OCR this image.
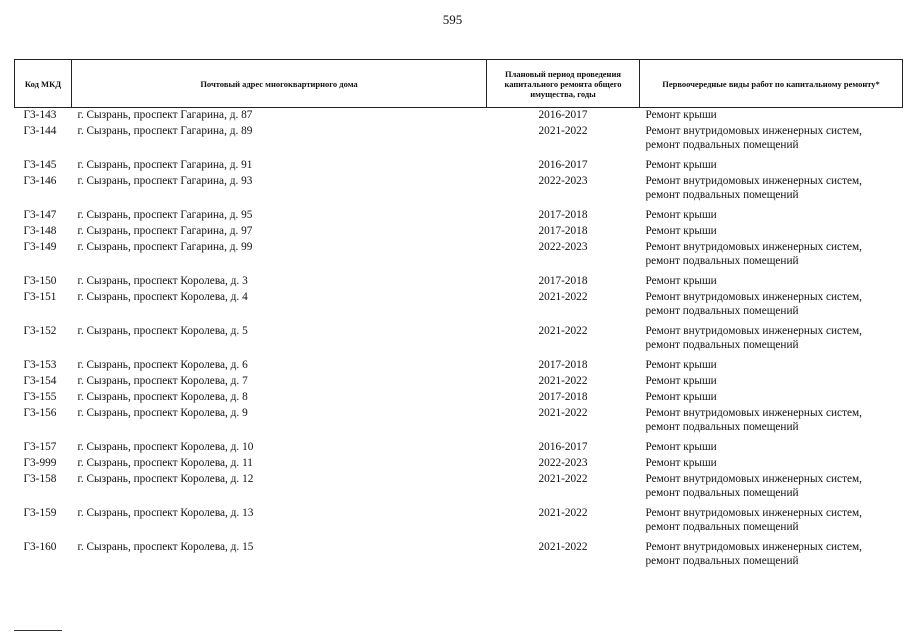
595
Код МКД	Почтовый адрес многоквартирного дома	Плановый период проведения капитального ремонта общего имущества, годы	Первоочередные виды работ по капитальному ремонту*
Г3-143	г. Сызрань, проспект Гагарина, д. 87	2016-2017	Ремонт крыши

Г3-144	г. Сызрань, проспект Гагарина, д. 89	2021-2022	Ремонт внутридомовых инженерных систем,
ремонт подвальных помещений

Г3-145	г. Сызрань, проспект Гагарина, д. 91	2016-2017	Ремонт крыши

Г3-146	г. Сызрань, проспект Гагарина, д. 93	2022-2023	Ремонт внутридомовых инженерных систем,
ремонт подвальных помещений

Г3-147	г. Сызрань, проспект Гагарина, д. 95	2017-2018	Ремонт крыши

Г3-148	г. Сызрань, проспект Гагарина, д. 97	2017-2018	Ремонт крыши

Г3-149	г. Сызрань, проспект Гагарина, д. 99	2022-2023	Ремонт внутридомовых инженерных систем,
ремонт подвальных помещений

Г3-150	г. Сызрань, проспект Королева, д. 3	2017-2018	Ремонт крыши

Г3-151	г. Сызрань, проспект Королева, д. 4	2021-2022	Ремонт внутридомовых инженерных систем,
ремонт подвальных помещений

Г3-152	г. Сызрань, проспект Королева, д. 5	2021-2022	Ремонт внутридомовых инженерных систем,
ремонт подвальных помещений

Г3-153	г. Сызрань, проспект Королева, д. 6	2017-2018	Ремонт крыши

Г3-154	г. Сызрань, проспект Королева, д. 7	2021-2022	Ремонт крыши

Г3-155	г. Сызрань, проспект Королева, д. 8	2017-2018	Ремонт крыши

Г3-156	г. Сызрань, проспект Королева, д. 9	2021-2022	Ремонт внутридомовых инженерных систем,
ремонт подвальных помещений

Г3-157	г. Сызрань, проспект Королева, д. 10	2016-2017	Ремонт крыши

Г3-999	г. Сызрань, проспект Королева, д. 11	2022-2023	Ремонт крыши

Г3-158	г. Сызрань, проспект Королева, д. 12	2021-2022	Ремонт внутридомовых инженерных систем,
ремонт подвальных помещений

Г3-159	г. Сызрань, проспект Королева, д. 13	2021-2022	Ремонт внутридомовых инженерных систем,
ремонт подвальных помещений

Г3-160	г. Сызрань, проспект Королева, д. 15	2021-2022	Ремонт внутридомовых инженерных систем,
ремонт подвальных помещений
